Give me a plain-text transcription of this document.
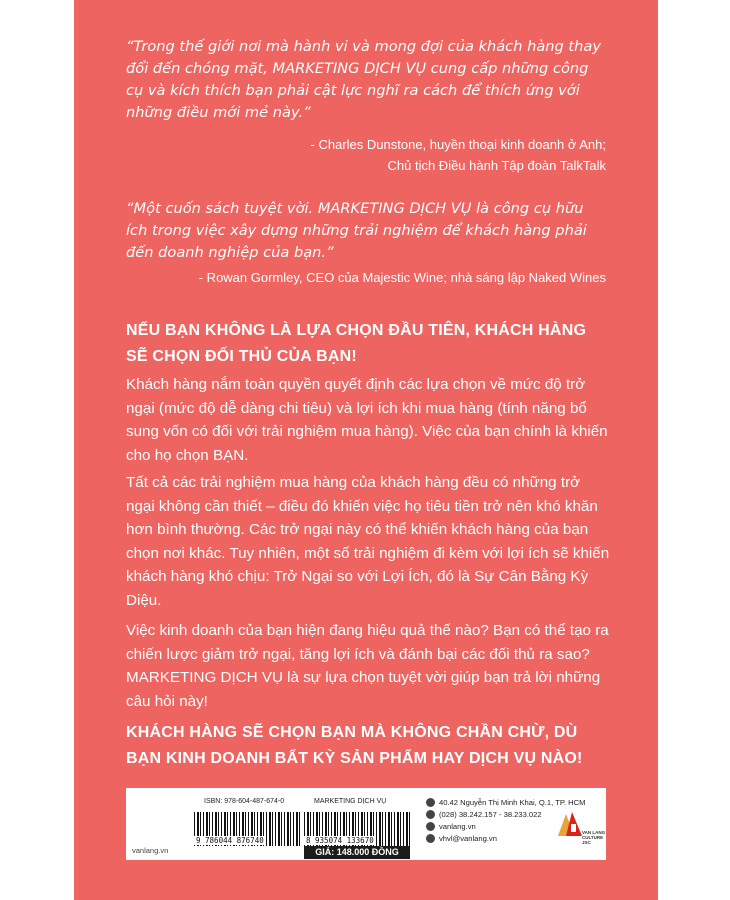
“Trong thế giới nơi mà hành vi và mong đợi của khách hàng thay đổi đến chóng mặt, MARKETING DỊCH VỤ cung cấp những công cụ và kích thích bạn phải cật lực nghĩ ra cách để thích ứng với những điều mới mẻ này.”

- Charles Dunstone, huyền thoại kinh doanh ở Anh;
Chủ tịch Điều hành Tập đoàn TalkTalk

“Một cuốn sách tuyệt vời. MARKETING DỊCH VỤ là công cụ hữu ích trong việc xây dựng những trải nghiệm để khách hàng phải đến doanh nghiệp của bạn.”

- Rowan Gormley, CEO của Majestic Wine; nhà sáng lập Naked Wines
NẾU BẠN KHÔNG LÀ LỰA CHỌN ĐẦU TIÊN, KHÁCH HÀNG SẼ CHỌN ĐỐI THỦ CỦA BẠN!

Khách hàng nắm toàn quyền quyết định các lựa chọn về mức độ trở ngại (mức độ dễ dàng chi tiêu) và lợi ích khi mua hàng (tính năng bổ sung vốn có đối với trải nghiệm mua hàng). Việc của bạn chính là khiến cho họ chọn BẠN.

Tất cả các trải nghiệm mua hàng của khách hàng đều có những trở ngại không cần thiết – điều đó khiến việc họ tiêu tiền trở nên khó khăn hơn bình thường. Các trở ngại này có thể khiến khách hàng của bạn chọn nơi khác. Tuy nhiên, một số trải nghiệm đi kèm với lợi ích sẽ khiến khách hàng khó chịu: Trở Ngại so với Lợi Ích, đó là Sự Cân Bằng Kỳ Diệu.

Việc kinh doanh của bạn hiện đang hiệu quả thế nào? Bạn có thể tạo ra chiến lược giảm trở ngại, tăng lợi ích và đánh bại các đối thủ ra sao? MARKETING DỊCH VỤ là sự lựa chọn tuyệt vời giúp bạn trả lời những câu hỏi này!

KHÁCH HÀNG SẼ CHỌN BẠN MÀ KHÔNG CHẦN CHỪ, DÙ BẠN KINH DOANH BẤT KỲ SẢN PHẨM HAY DỊCH VỤ NÀO!
vanlang.vn
ISBN: 978-604-487-674-0
9 786044 876740
MARKETING DỊCH VỤ
8 935074 133670
GIÁ: 148.000 ĐỒNG
40.42 Nguyễn Thị Minh Khai, Q.1, TP. HCM
(028) 38.242.157 - 38.233.022
vanlang.vn
vhvl@vanlang.vn
VAN LANG CULTURE JSC
